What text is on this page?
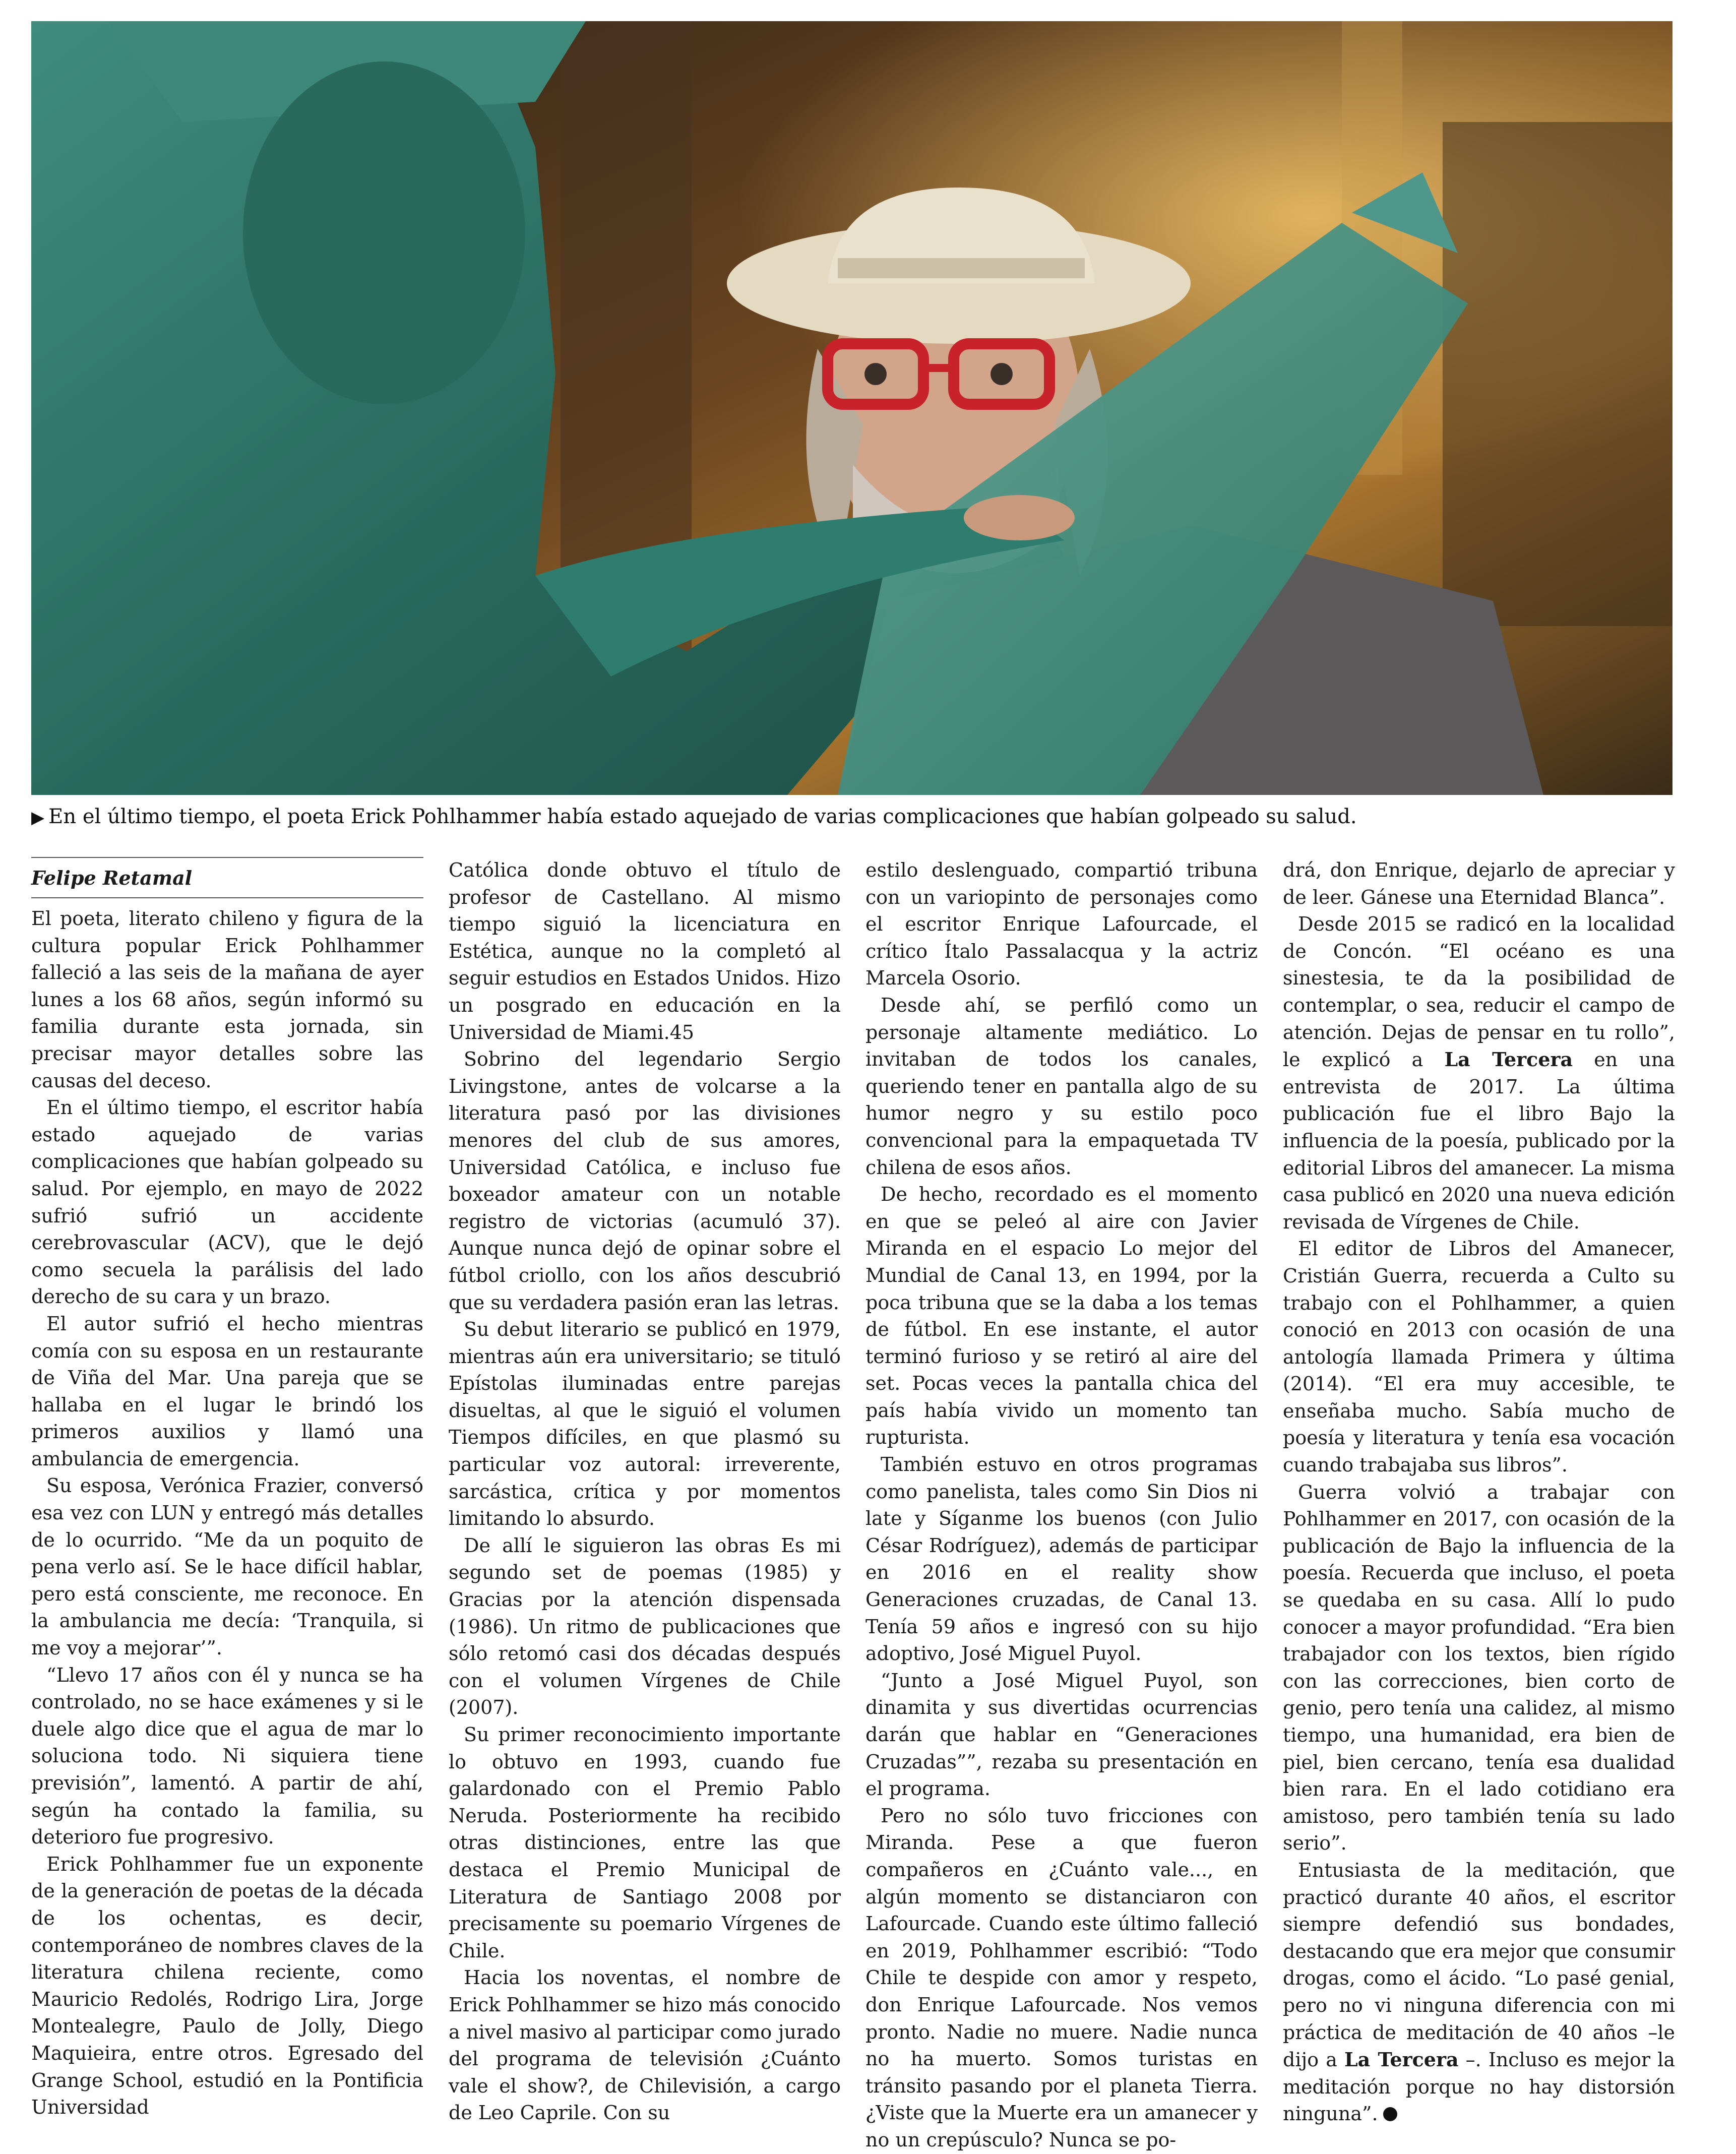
▶ En el último tiempo, el poeta Erick Pohlhammer había estado aquejado de varias complicaciones que habían golpeado su salud.
Felipe Retamal

El poeta, literato chileno y figura de la cultura popular Erick Pohlhammer falleció a las seis de la mañana de ayer lunes a los 68 años, según informó su familia durante esta jornada, sin precisar mayor detalles sobre las causas del deceso.

En el último tiempo, el escritor había estado aquejado de varias complicaciones que habían golpeado su salud. Por ejemplo, en mayo de 2022 sufrió sufrió un accidente cerebrovascular (ACV), que le dejó como secuela la parálisis del lado derecho de su cara y un brazo.

El autor sufrió el hecho mientras comía con su esposa en un restaurante de Viña del Mar. Una pareja que se hallaba en el lugar le brindó los primeros auxilios y llamó una ambulancia de emergencia.

Su esposa, Verónica Frazier, conversó esa vez con LUN y entregó más detalles de lo ocurrido. “Me da un poquito de pena verlo así. Se le hace difícil hablar, pero está consciente, me reconoce. En la ambulancia me decía: ‘Tranquila, si me voy a mejorar’”.

“Llevo 17 años con él y nunca se ha controlado, no se hace exámenes y si le duele algo dice que el agua de mar lo soluciona todo. Ni siquiera tiene previsión”, lamentó. A partir de ahí, según ha contado la familia, su deterioro fue progresivo.

Erick Pohlhammer fue un exponente de la generación de poetas de la década de los ochentas, es decir, contemporáneo de nombres claves de la literatura chilena reciente, como Mauricio Redolés, Rodrigo Lira, Jorge Montealegre, Paulo de Jolly, Diego Maquieira, entre otros. Egresado del Grange School, estudió en la Pontificia Universidad

Católica donde obtuvo el título de profesor de Castellano. Al mismo tiempo siguió la licenciatura en Estética, aunque no la completó al seguir estudios en Estados Unidos. Hizo un posgrado en educación en la Universidad de Miami.45

Sobrino del legendario Sergio Livingstone, antes de volcarse a la literatura pasó por las divisiones menores del club de sus amores, Universidad Católica, e incluso fue boxeador amateur con un notable registro de victorias (acumuló 37). Aunque nunca dejó de opinar sobre el fútbol criollo, con los años descubrió que su verdadera pasión eran las letras.

Su debut literario se publicó en 1979, mientras aún era universitario; se tituló Epístolas iluminadas entre parejas disueltas, al que le siguió el volumen Tiempos difíciles, en que plasmó su particular voz autoral: irreverente, sarcástica, crítica y por momentos limitando lo absurdo.

De allí le siguieron las obras Es mi segundo set de poemas (1985) y Gracias por la atención dispensada (1986). Un ritmo de publicaciones que sólo retomó casi dos décadas después con el volumen Vírgenes de Chile (2007).

Su primer reconocimiento importante lo obtuvo en 1993, cuando fue galardonado con el Premio Pablo Neruda. Posteriormente ha recibido otras distinciones, entre las que destaca el Premio Municipal de Literatura de Santiago 2008 por precisamente su poemario Vírgenes de Chile.

Hacia los noventas, el nombre de Erick Pohlhammer se hizo más conocido a nivel masivo al participar como jurado del programa de televisión ¿Cuánto vale el show?, de Chilevisión, a cargo de Leo Caprile. Con su

estilo deslenguado, compartió tribuna con un variopinto de personajes como el escritor Enrique Lafourcade, el crítico Ítalo Passalacqua y la actriz Marcela Osorio.

Desde ahí, se perfiló como un personaje altamente mediático. Lo invitaban de todos los canales, queriendo tener en pantalla algo de su humor negro y su estilo poco convencional para la empaquetada TV chilena de esos años.

De hecho, recordado es el momento en que se peleó al aire con Javier Miranda en el espacio Lo mejor del Mundial de Canal 13, en 1994, por la poca tribuna que se la daba a los temas de fútbol. En ese instante, el autor terminó furioso y se retiró al aire del set. Pocas veces la pantalla chica del país había vivido un momento tan rupturista.

También estuvo en otros programas como panelista, tales como Sin Dios ni late y Síganme los buenos (con Julio César Rodríguez), además de participar en 2016 en el reality show Generaciones cruzadas, de Canal 13. Tenía 59 años e ingresó con su hijo adoptivo, José Miguel Puyol.

“Junto a José Miguel Puyol, son dinamita y sus divertidas ocurrencias darán que hablar en “Generaciones Cruzadas””, rezaba su presentación en el programa.

Pero no sólo tuvo fricciones con Miranda. Pese a que fueron compañeros en ¿Cuánto vale..., en algún momento se distanciaron con Lafourcade. Cuando este último falleció en 2019, Pohlhammer escribió: “Todo Chile te despide con amor y respeto, don Enrique Lafourcade. Nos vemos pronto. Nadie no muere. Nadie nunca no ha muerto. Somos turistas en tránsito pasando por el planeta Tierra. ¿Viste que la Muerte era un amanecer y no un crepúsculo? Nunca se po-

drá, don Enrique, dejarlo de apreciar y de leer. Gánese una Eternidad Blanca”.

Desde 2015 se radicó en la localidad de Concón. “El océano es una sinestesia, te da la posibilidad de contemplar, o sea, reducir el campo de atención. Dejas de pensar en tu rollo”, le explicó a La Tercera en una entrevista de 2017. La última publicación fue el libro Bajo la influencia de la poesía, publicado por la editorial Libros del amanecer. La misma casa publicó en 2020 una nueva edición revisada de Vírgenes de Chile.

El editor de Libros del Amanecer, Cristián Guerra, recuerda a Culto su trabajo con el Pohlhammer, a quien conoció en 2013 con ocasión de una antología llamada Primera y última (2014). “El era muy accesible, te enseñaba mucho. Sabía mucho de poesía y literatura y tenía esa vocación cuando trabajaba sus libros”.

Guerra volvió a trabajar con Pohlhammer en 2017, con ocasión de la publicación de Bajo la influencia de la poesía. Recuerda que incluso, el poeta se quedaba en su casa. Allí lo pudo conocer a mayor profundidad. “Era bien trabajador con los textos, bien rígido con las correcciones, bien corto de genio, pero tenía una calidez, al mismo tiempo, una humanidad, era bien de piel, bien cercano, tenía esa dualidad bien rara. En el lado cotidiano era amistoso, pero también tenía su lado serio”.

Entusiasta de la meditación, que practicó durante 40 años, el escritor siempre defendió sus bondades, destacando que era mejor que consumir drogas, como el ácido. “Lo pasé genial, pero no vi ninguna diferencia con mi práctica de meditación de 40 años –le dijo a La Tercera –. Incluso es mejor la meditación porque no hay distorsión ninguna”.
